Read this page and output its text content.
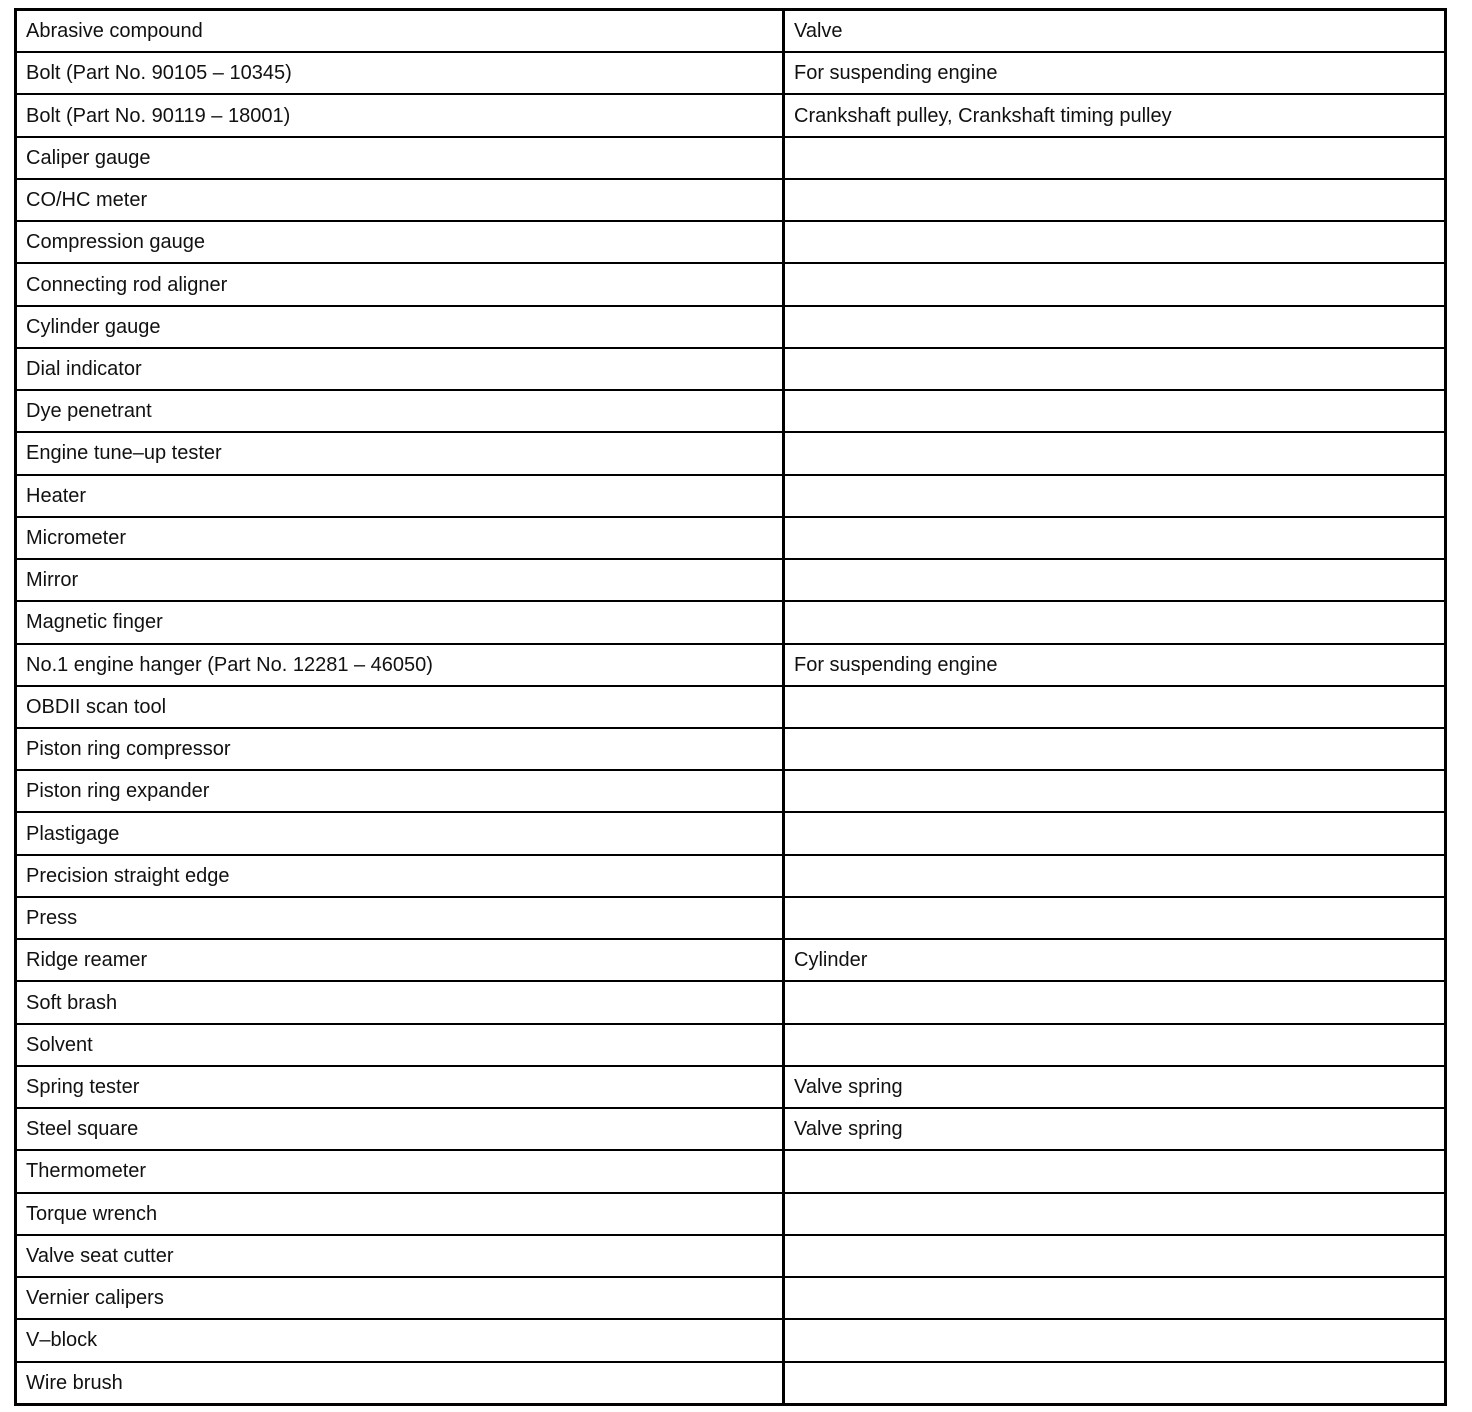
Abrasive compound	Valve
Bolt (Part No. 90105 – 10345)	For suspending engine
Bolt (Part No. 90119 – 18001)	Crankshaft pulley, Crankshaft timing pulley
Caliper gauge	
CO/HC meter	
Compression gauge	
Connecting rod aligner	
Cylinder gauge	
Dial indicator	
Dye penetrant	
Engine tune–up tester	
Heater	
Micrometer	
Mirror	
Magnetic finger	
No.1 engine hanger (Part No. 12281 – 46050)	For suspending engine
OBDII scan tool	
Piston ring compressor	
Piston ring expander	
Plastigage	
Precision straight edge	
Press	
Ridge reamer	Cylinder
Soft brash	
Solvent	
Spring tester	Valve spring
Steel square	Valve spring
Thermometer	
Torque wrench	
Valve seat cutter	
Vernier calipers	
V–block	
Wire brush	
